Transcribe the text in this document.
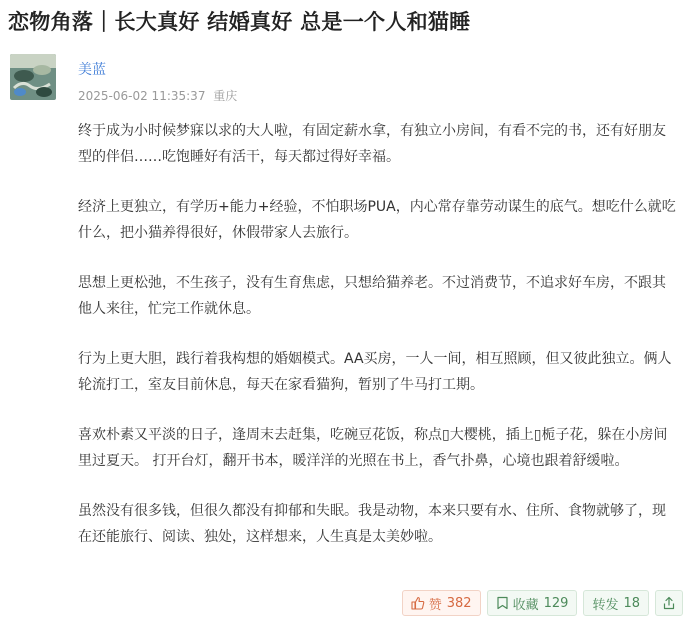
恋物角落｜长大真好 结婚真好 总是一个人和猫睡
美蓝
2025-06-02 11:35:37 重庆

终于成为小时候梦寐以求的大人啦，有固定薪水拿，有独立小房间，有看不完的书，还有好朋友型的伴侣……吃饱睡好有活干，每天都过得好幸福。

经济上更独立，有学历+能力+经验，不怕职场PUA，内心常存靠劳动谋生的底气。想吃什么就吃什么，把小猫养得很好，休假带家人去旅行。

思想上更松弛，不生孩子，没有生育焦虑，只想给猫养老。不过消费节，不追求好车房，不跟其他人来往，忙完工作就休息。

行为上更大胆，践行着我构想的婚姻模式。AA买房，一人一间，相互照顾，但又彼此独立。俩人轮流打工，室友目前休息，每天在家看猫狗，暂别了牛马打工期。

喜欢朴素又平淡的日子，逢周末去赶集，吃碗豆花饭，称点▯大樱桃，插上▯栀子花，躲在小房间里过夏天。 打开台灯，翻开书本，暖洋洋的光照在书上，香气扑鼻，心境也跟着舒缓啦。

虽然没有很多钱，但很久都没有抑郁和失眠。我是动物，本来只要有水、住所、食物就够了，现在还能旅行、阅读、独处，这样想来，人生真是太美妙啦。

赞 382	收藏 129 转发 18
